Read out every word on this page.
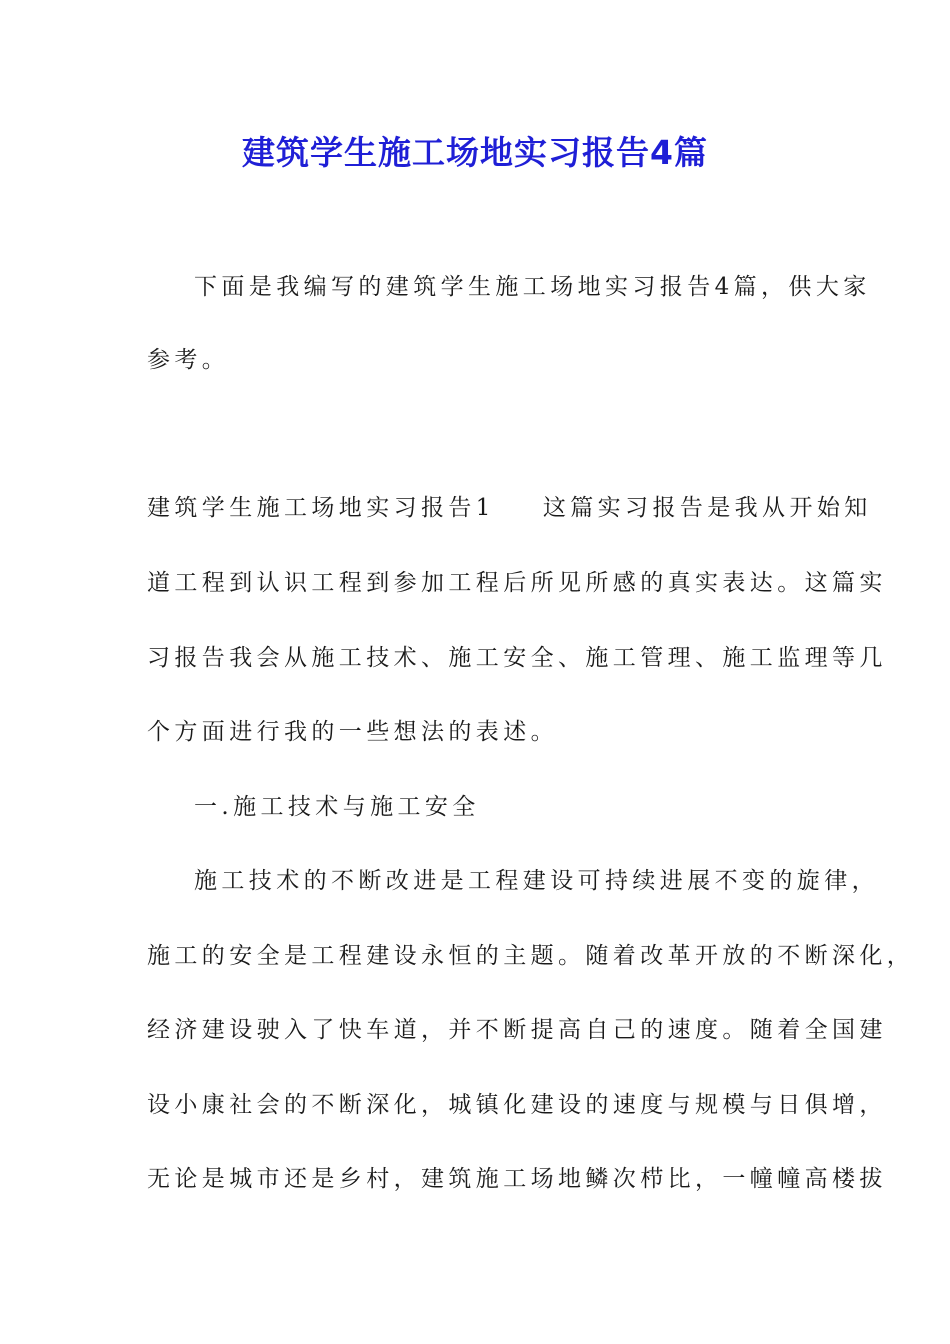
建筑学生施工场地实习报告4篇
下面是我编写的建筑学生施工场地实习报告4篇，供大家
参考。
建筑学生施工场地实习报告1 这篇实习报告是我从开始知
道工程到认识工程到参加工程后所见所感的真实表达。这篇实
习报告我会从施工技术、施工安全、施工管理、施工监理等几
个方面进行我的一些想法的表述。
一.施工技术与施工安全
施工技术的不断改进是工程建设可持续进展不变的旋律，
施工的安全是工程建设永恒的主题。随着改革开放的不断深化，
经济建设驶入了快车道，并不断提高自己的速度。随着全国建
设小康社会的不断深化，城镇化建设的速度与规模与日俱增，
无论是城市还是乡村，建筑施工场地鳞次栉比，一幢幢高楼拔
